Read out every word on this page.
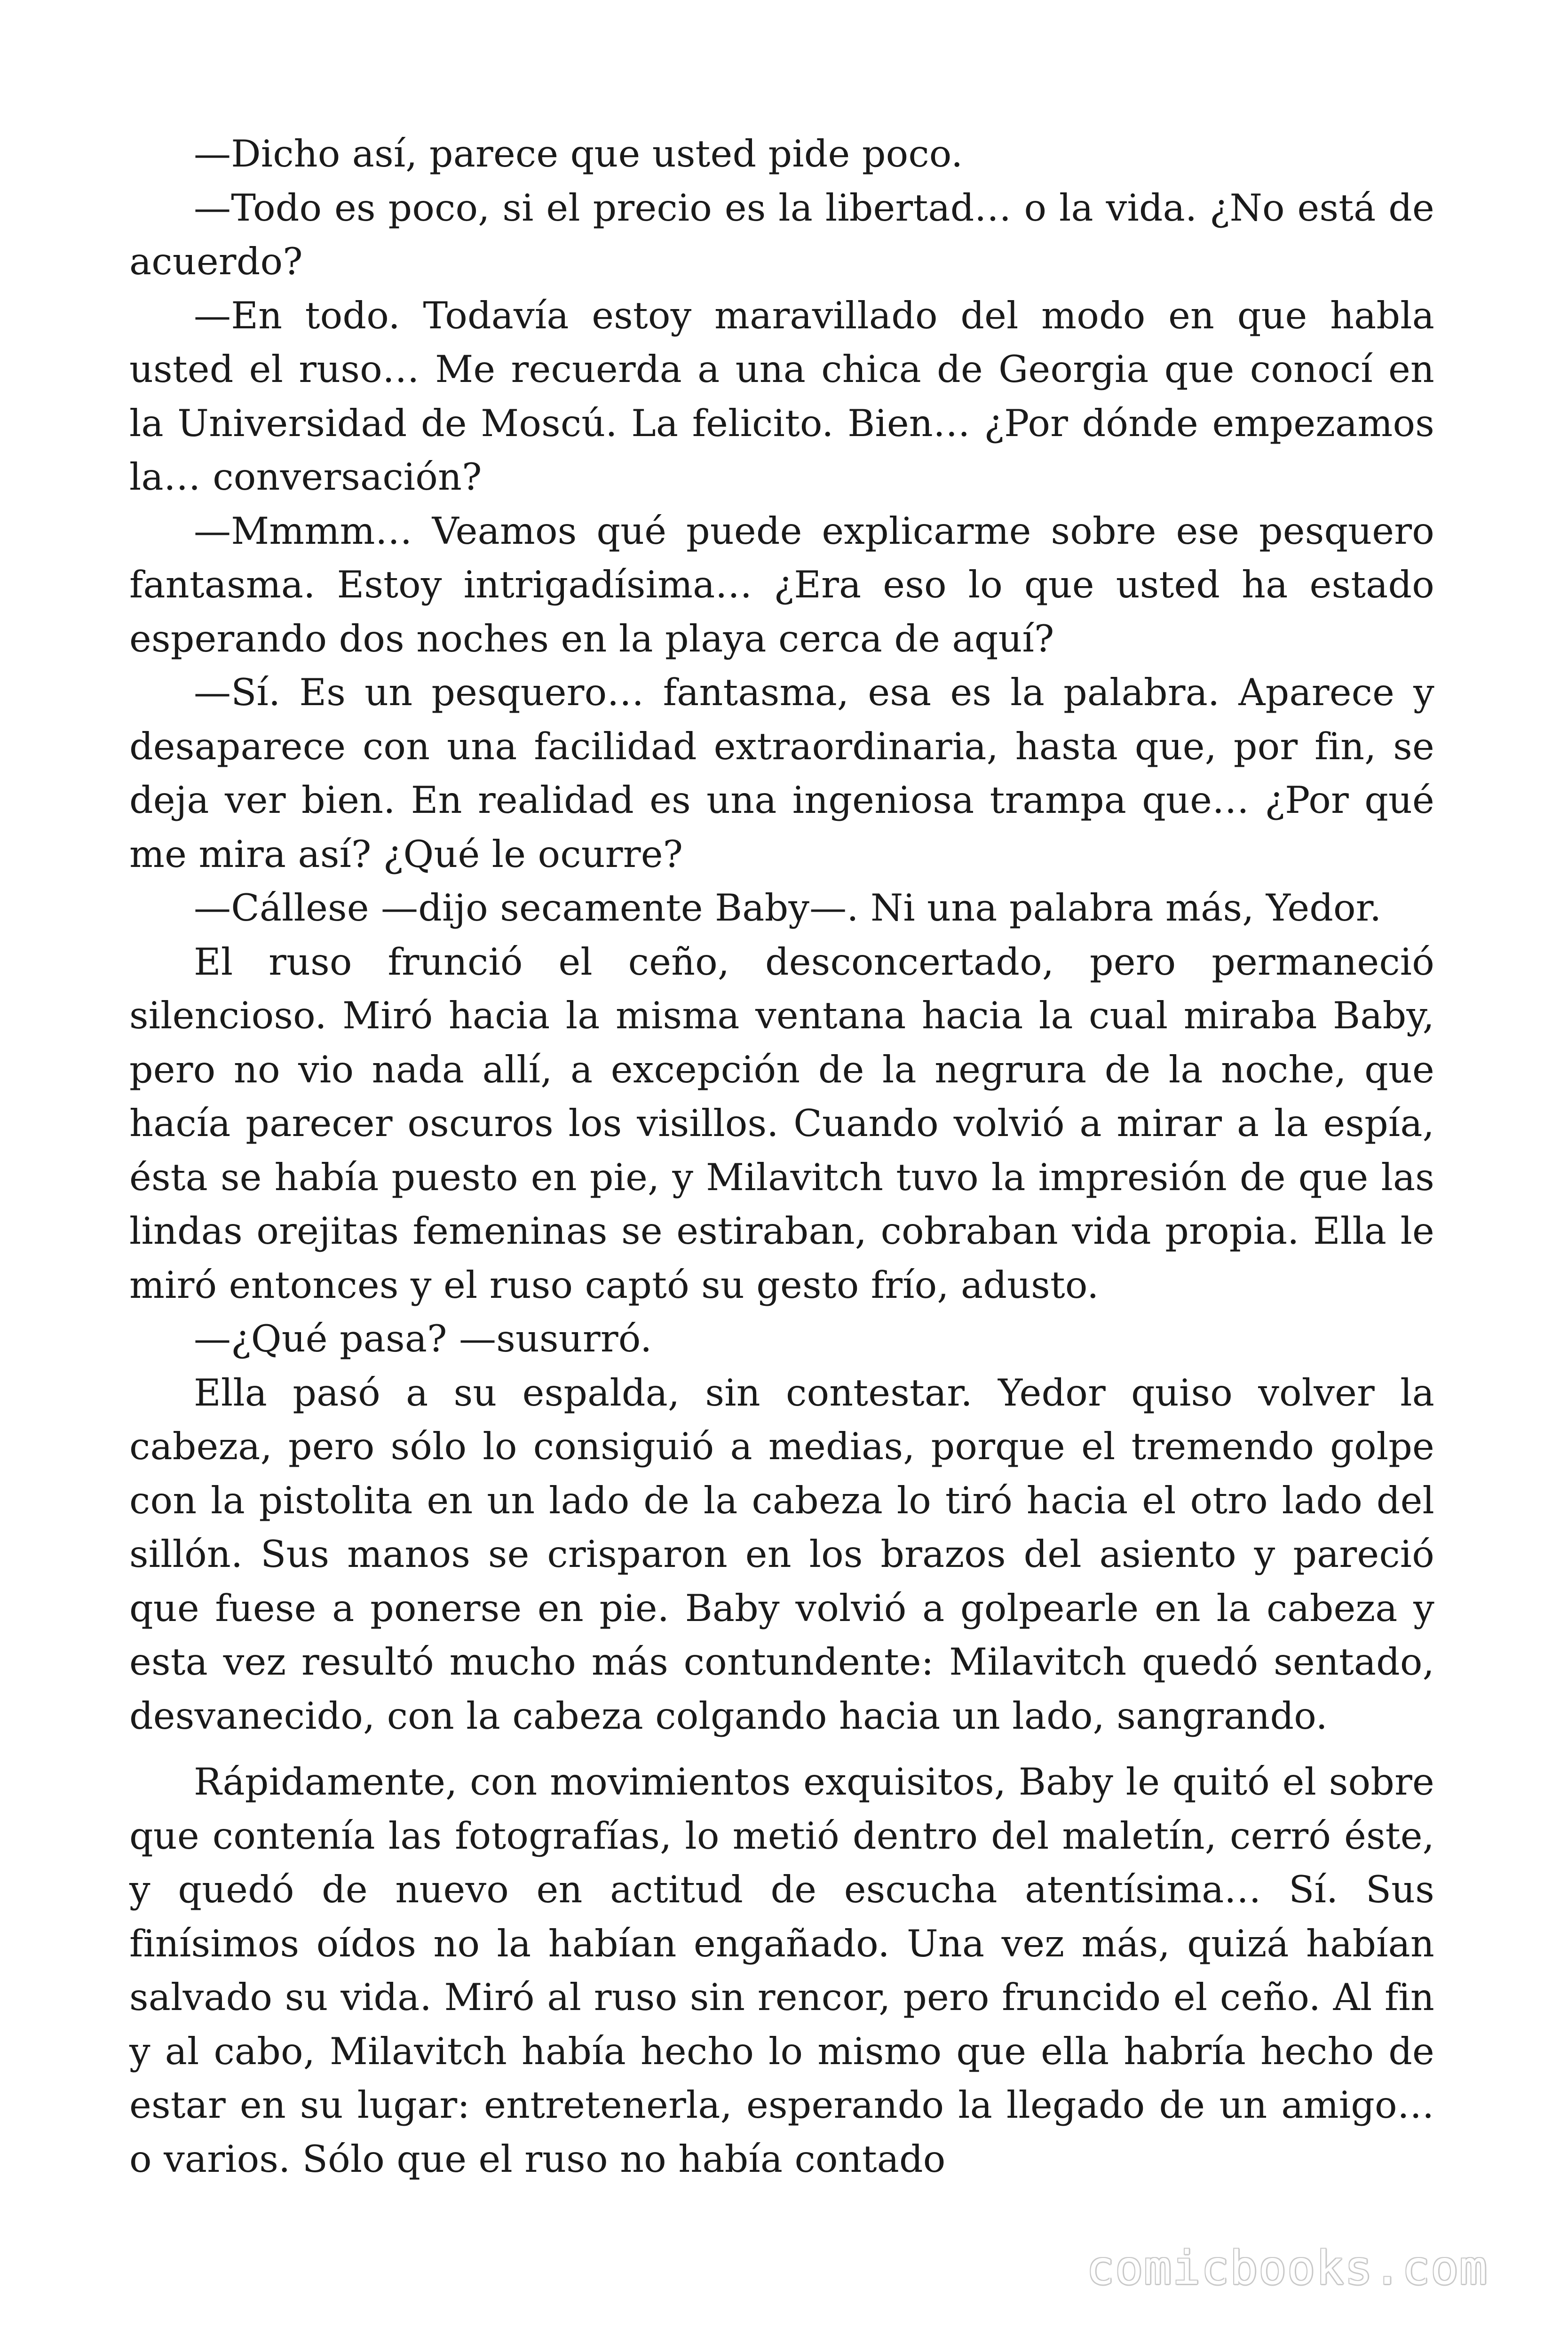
—Dicho así, parece que usted pide poco.

—Todo es poco, si el precio es la libertad… o la vida. ¿No está de acuerdo?

—En todo. Todavía estoy maravillado del modo en que habla usted el ruso… Me recuerda a una chica de Georgia que conocí en la Universidad de Moscú. La felicito. Bien… ¿Por dónde empezamos la… conversación?

—Mmmm… Veamos qué puede explicarme sobre ese pesquero fantasma. Estoy intrigadísima… ¿Era eso lo que usted ha estado esperando dos noches en la playa cerca de aquí?

—Sí. Es un pesquero… fantasma, esa es la palabra. Aparece y desaparece con una facilidad extraordinaria, hasta que, por fin, se deja ver bien. En realidad es una ingeniosa trampa que… ¿Por qué me mira así? ¿Qué le ocurre?

—Cállese —dijo secamente Baby—. Ni una palabra más, Yedor.

El ruso frunció el ceño, desconcertado, pero permaneció silencioso. Miró hacia la misma ventana hacia la cual miraba Baby, pero no vio nada allí, a excepción de la negrura de la noche, que hacía parecer oscuros los visillos. Cuando volvió a mirar a la espía, ésta se había puesto en pie, y Milavitch tuvo la impresión de que las lindas orejitas femeninas se estiraban, cobraban vida propia. Ella le miró entonces y el ruso captó su gesto frío, adusto.

—¿Qué pasa? —susurró.

Ella pasó a su espalda, sin contestar. Yedor quiso volver la cabeza, pero sólo lo consiguió a medias, porque el tremendo golpe con la pistolita en un lado de la cabeza lo tiró hacia el otro lado del sillón. Sus manos se crisparon en los brazos del asiento y pareció que fuese a ponerse en pie. Baby volvió a golpearle en la cabeza y esta vez resultó mucho más contundente: Milavitch quedó sentado, desvanecido, con la cabeza colgando hacia un lado, sangrando.

Rápidamente, con movimientos exquisitos, Baby le quitó el sobre que contenía las fotografías, lo metió dentro del maletín, cerró éste, y quedó de nuevo en actitud de escucha atentísima… Sí. Sus finísimos oídos no la habían engañado. Una vez más, quizá habían salvado su vida. Miró al ruso sin rencor, pero fruncido el ceño. Al fin y al cabo, Milavitch había hecho lo mismo que ella habría hecho de estar en su lugar: entretenerla, esperando la llegado de un amigo… o varios. Sólo que el ruso no había contado

comicbooks.com
